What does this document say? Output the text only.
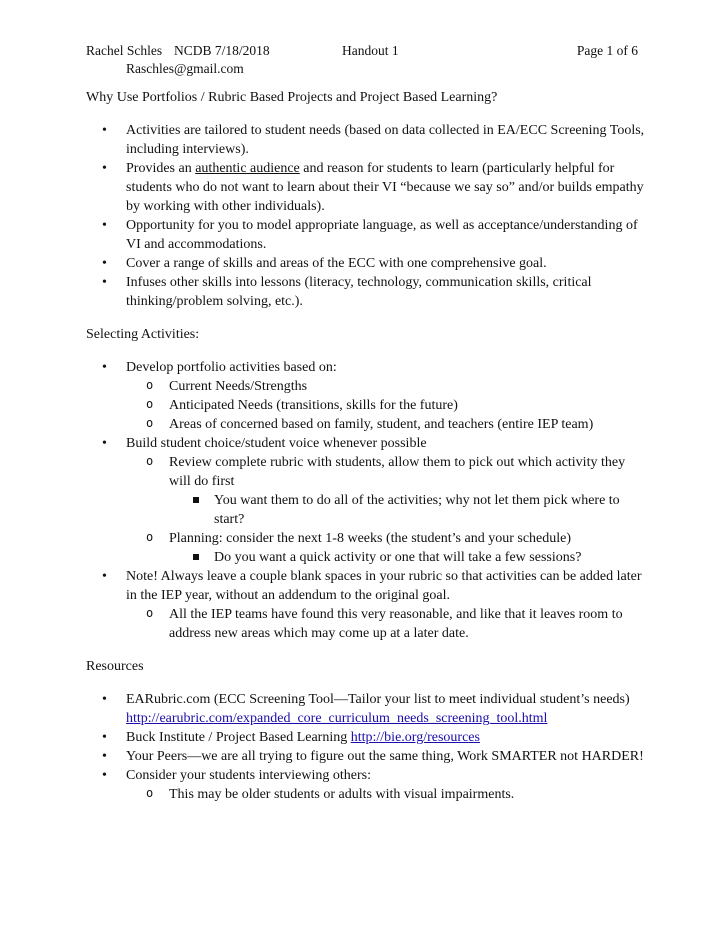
Rachel Schles NCDB 7/18/2018	Handout 1	Page 1 of 6
Raschles@gmail.com

Why Use Portfolios / Rubric Based Projects and Project Based Learning?

• Activities are tailored to student needs (based on data collected in EA/ECC Screening Tools, including interviews).
• Provides an authentic audience and reason for students to learn (particularly helpful for students who do not want to learn about their VI “because we say so” and/or builds empathy by working with other individuals).
• Opportunity for you to model appropriate language, as well as acceptance/understanding of VI and accommodations.
• Cover a range of skills and areas of the ECC with one comprehensive goal.
• Infuses other skills into lessons (literacy, technology, communication skills, critical thinking/problem solving, etc.).

Selecting Activities:

• Develop portfolio activities based on:
o Current Needs/Strengths
o Anticipated Needs (transitions, skills for the future)
o Areas of concerned based on family, student, and teachers (entire IEP team)
• Build student choice/student voice whenever possible
o Review complete rubric with students, allow them to pick out which activity they will do first
You want them to do all of the activities; why not let them pick where to start?
o Planning: consider the next 1-8 weeks (the student’s and your schedule)
Do you want a quick activity or one that will take a few sessions?
• Note! Always leave a couple blank spaces in your rubric so that activities can be added later in the IEP year, without an addendum to the original goal.
o All the IEP teams have found this very reasonable, and like that it leaves room to address new areas which may come up at a later date.

Resources

• EARubric.com (ECC Screening Tool—Tailor your list to meet individual student’s needs) http://earubric.com/expanded_core_curriculum_needs_screening_tool.html
• Buck Institute / Project Based Learning http://bie.org/resources
• Your Peers—we are all trying to figure out the same thing, Work SMARTER not HARDER!
• Consider your students interviewing others:
o This may be older students or adults with visual impairments.
